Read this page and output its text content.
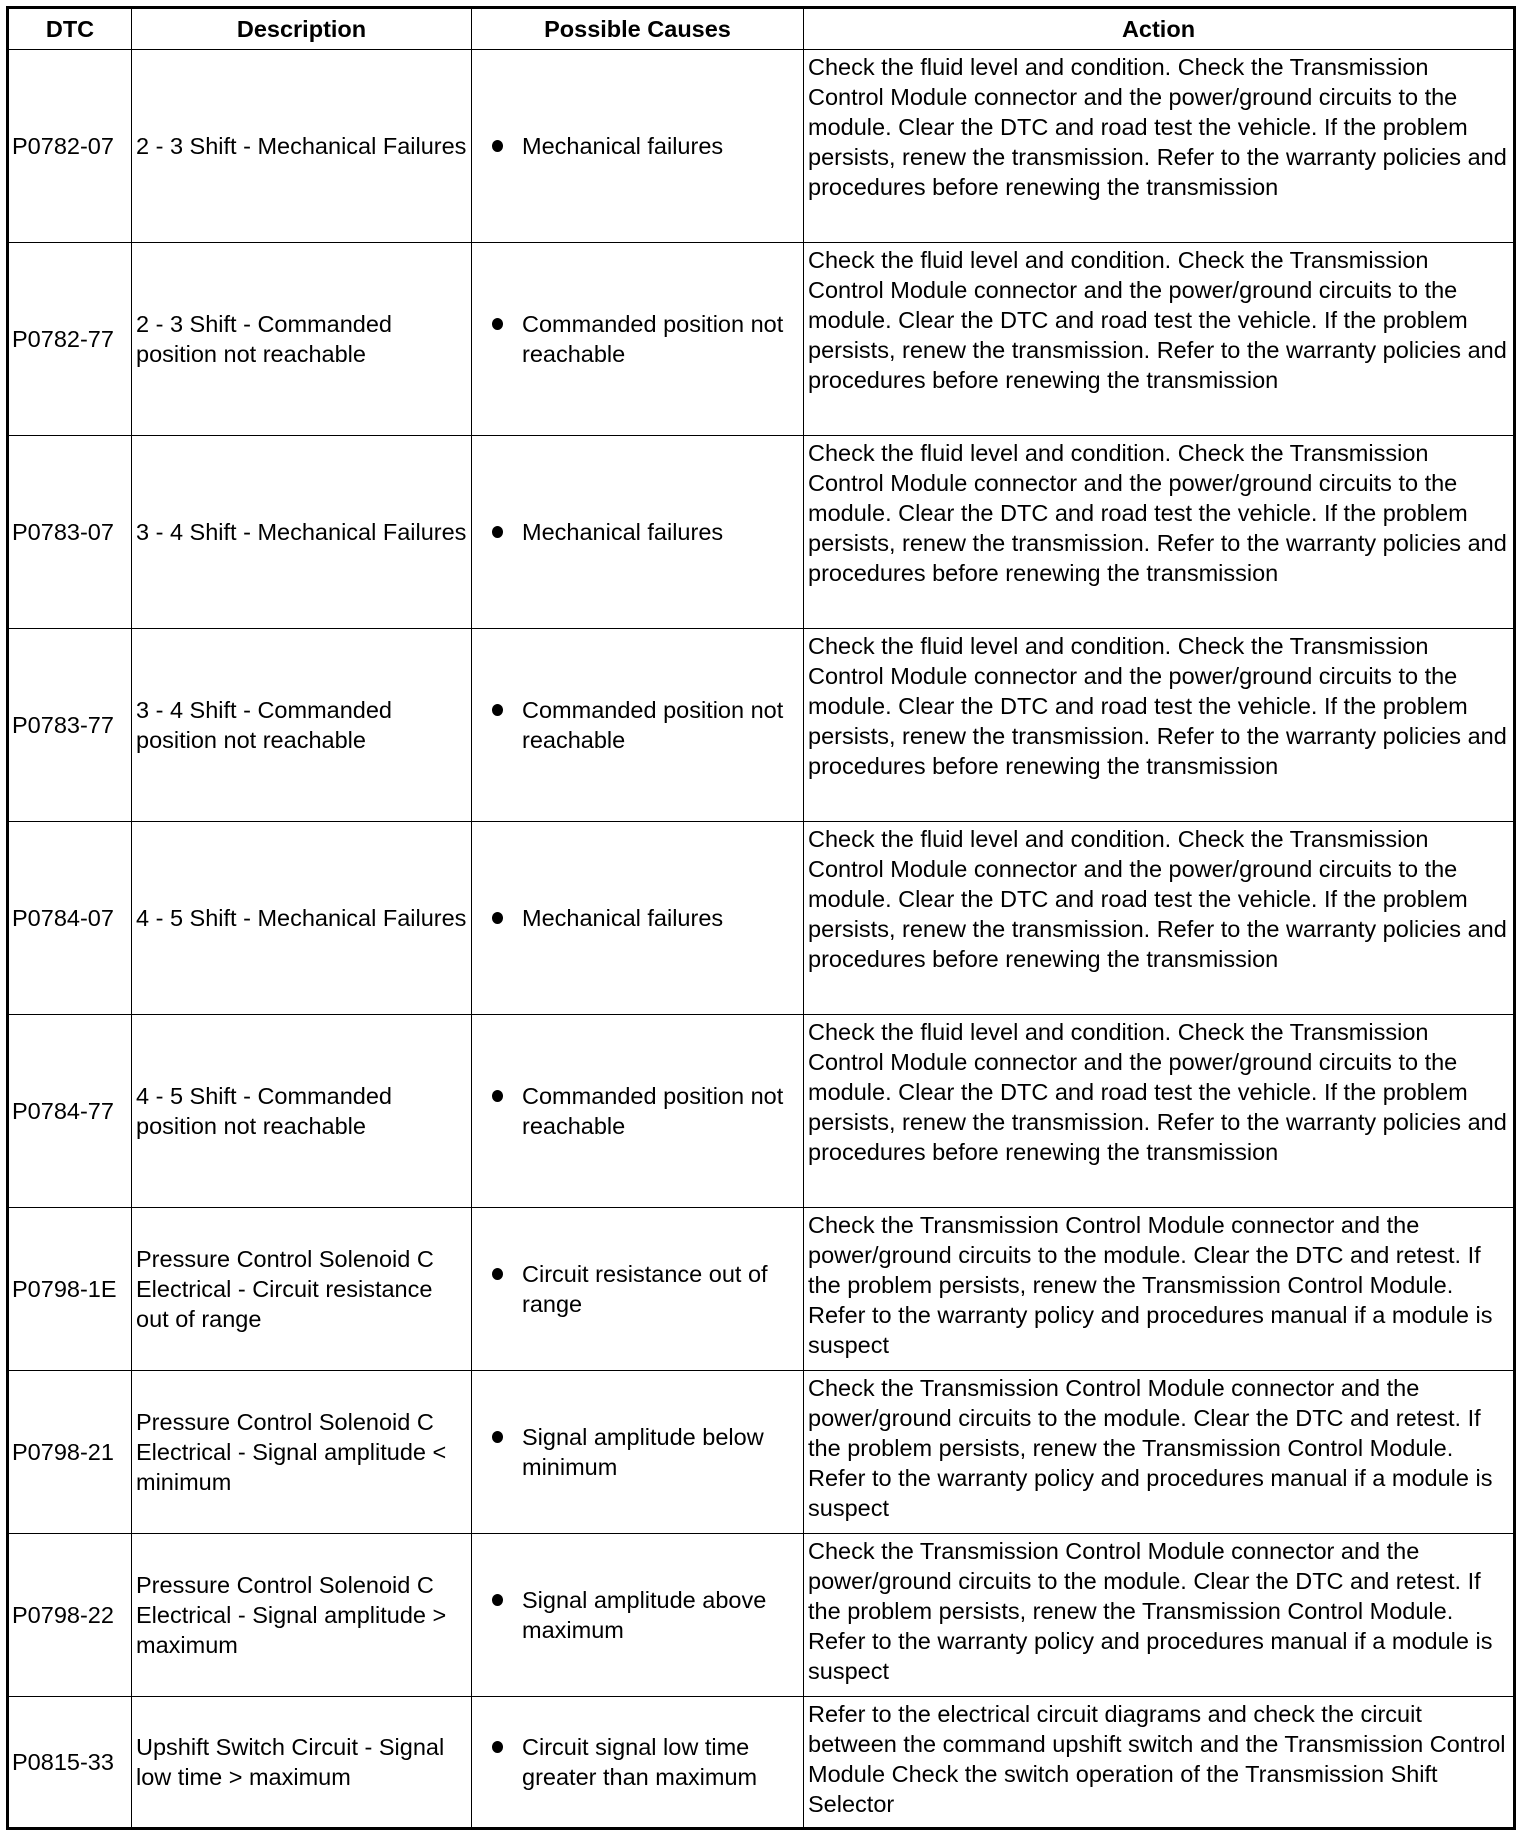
DTC	Description	Possible Causes	Action
P0782-07	2 - 3 Shift - Mechanical Failures	Mechanical failures	Check the fluid level and condition. Check the Transmission Control Module connector and the power/ground circuits to the module. Clear the DTC and road test the vehicle. If the problem persists, renew the transmission. Refer to the warranty policies and procedures before renewing the transmission
P0782-77	2 - 3 Shift - Commanded position not reachable	Commanded position not reachable	Check the fluid level and condition. Check the Transmission Control Module connector and the power/ground circuits to the module. Clear the DTC and road test the vehicle. If the problem persists, renew the transmission. Refer to the warranty policies and procedures before renewing the transmission
P0783-07	3 - 4 Shift - Mechanical Failures	Mechanical failures	Check the fluid level and condition. Check the Transmission Control Module connector and the power/ground circuits to the module. Clear the DTC and road test the vehicle. If the problem persists, renew the transmission. Refer to the warranty policies and procedures before renewing the transmission
P0783-77	3 - 4 Shift - Commanded position not reachable	Commanded position not reachable	Check the fluid level and condition. Check the Transmission Control Module connector and the power/ground circuits to the module. Clear the DTC and road test the vehicle. If the problem persists, renew the transmission. Refer to the warranty policies and procedures before renewing the transmission
P0784-07	4 - 5 Shift - Mechanical Failures	Mechanical failures	Check the fluid level and condition. Check the Transmission Control Module connector and the power/ground circuits to the module. Clear the DTC and road test the vehicle. If the problem persists, renew the transmission. Refer to the warranty policies and procedures before renewing the transmission
P0784-77	4 - 5 Shift - Commanded position not reachable	Commanded position not reachable	Check the fluid level and condition. Check the Transmission Control Module connector and the power/ground circuits to the module. Clear the DTC and road test the vehicle. If the problem persists, renew the transmission. Refer to the warranty policies and procedures before renewing the transmission
P0798-1E	Pressure Control Solenoid C Electrical - Circuit resistance out of range	Circuit resistance out of range	Check the Transmission Control Module connector and the power/ground circuits to the module. Clear the DTC and retest. If the problem persists, renew the Transmission Control Module. Refer to the warranty policy and procedures manual if a module is suspect
P0798-21	Pressure Control Solenoid C Electrical - Signal amplitude < minimum	Signal amplitude below minimum	Check the Transmission Control Module connector and the power/ground circuits to the module. Clear the DTC and retest. If the problem persists, renew the Transmission Control Module. Refer to the warranty policy and procedures manual if a module is suspect
P0798-22	Pressure Control Solenoid C Electrical - Signal amplitude > maximum	Signal amplitude above maximum	Check the Transmission Control Module connector and the power/ground circuits to the module. Clear the DTC and retest. If the problem persists, renew the Transmission Control Module. Refer to the warranty policy and procedures manual if a module is suspect
P0815-33	Upshift Switch Circuit - Signal low time > maximum	Circuit signal low time greater than maximum	Refer to the electrical circuit diagrams and check the circuit between the command upshift switch and the Transmission Control Module Check the switch operation of the Transmission Shift Selector
